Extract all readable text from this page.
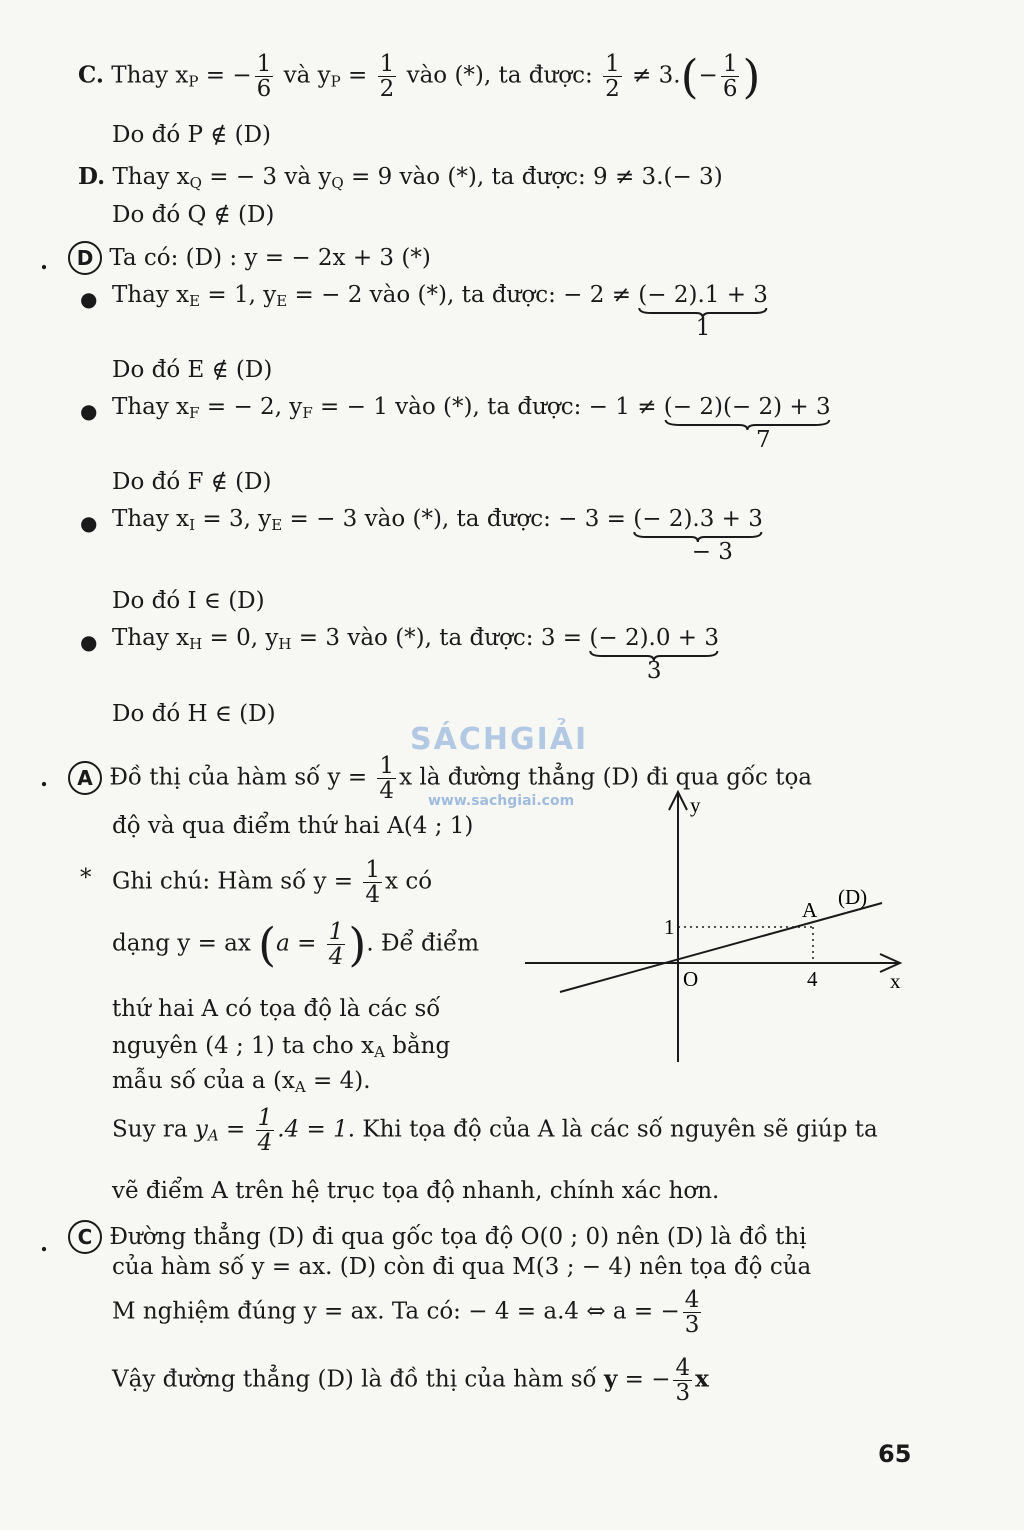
C. Thay $x_P$ = − $\frac{1}{6}$ và $y_P = \frac{1}{2}$ vào (*), ta được: $\frac{1}{2} \ne 3.(- \frac{1}{6}$ )
Do đó P ∉ (D)
D. Thay $x_Q$ = − 3 và $y_Q = 9$ vào (*), ta được: 9 ≠ 3.(− 3)
Do đó Q ∉ (D)
.	D Ta có: (D) : y = − 2x + 3 (*)
● Thay $x_E = 1$, $y_E$ = − 2 vào (*), ta được: − 2 ≠ (− 2).1 + 3
1
Do đó E ∉ (D)
● Thay $x_F$ = − 2, $y_F$ = − 1 vào (*), ta được: − 1 ≠ (− 2)(− 2) + 3
7
Do đó F ∉ (D)
● Thay $x_I = 3$, $y_E$ = − 3 vào (*), ta được: − 3 = (− 2).3 + 3
− 3
Do đó I ∈ (D)
● Thay $x_H = 0$, $y_H = 3$ vào (*), ta được: 3 = (− 2).0 + 3
3
Do đó H ∈ (D)
SÁCHGIẢI
www.sachgiai.com
.	A Đồ thị của hàm số $y = \frac{1}{4}$ x là đường thẳng (D) đi qua gốc tọa
độ và qua điểm thứ hai A(4 ; 1)
* Ghi chú: Hàm số $y = \frac{1}{4}$ x có
dạng y = ax ($a = \frac{1}{4}$ ). Để điểm
thứ hai A có tọa độ là các số
nguyên (4 ; 1) ta cho $x_A$ bằng
mẫu số của a $(x_A = 4)$.
Suy ra $y_A = \frac{1}{4} .4 = 1$. Khi tọa độ của A là các số nguyên sẽ giúp ta
vẽ điểm A trên hệ trục tọa độ nhanh, chính xác hơn.
y
x
O	4
1
A
(D)
.	C Đường thẳng (D) đi qua gốc tọa độ O(0 ; 0) nên (D) là đồ thị
của hàm số y = ax. (D) còn đi qua M(3 ; − 4) nên tọa độ của
M nghiệm đúng y = ax. Ta có: − 4 = a.4 ⇔ a = − $\frac{4}{3}$
Vậy đường thẳng (D) là đồ thị của hàm số y = − $\frac{4}{3}$ x
65
